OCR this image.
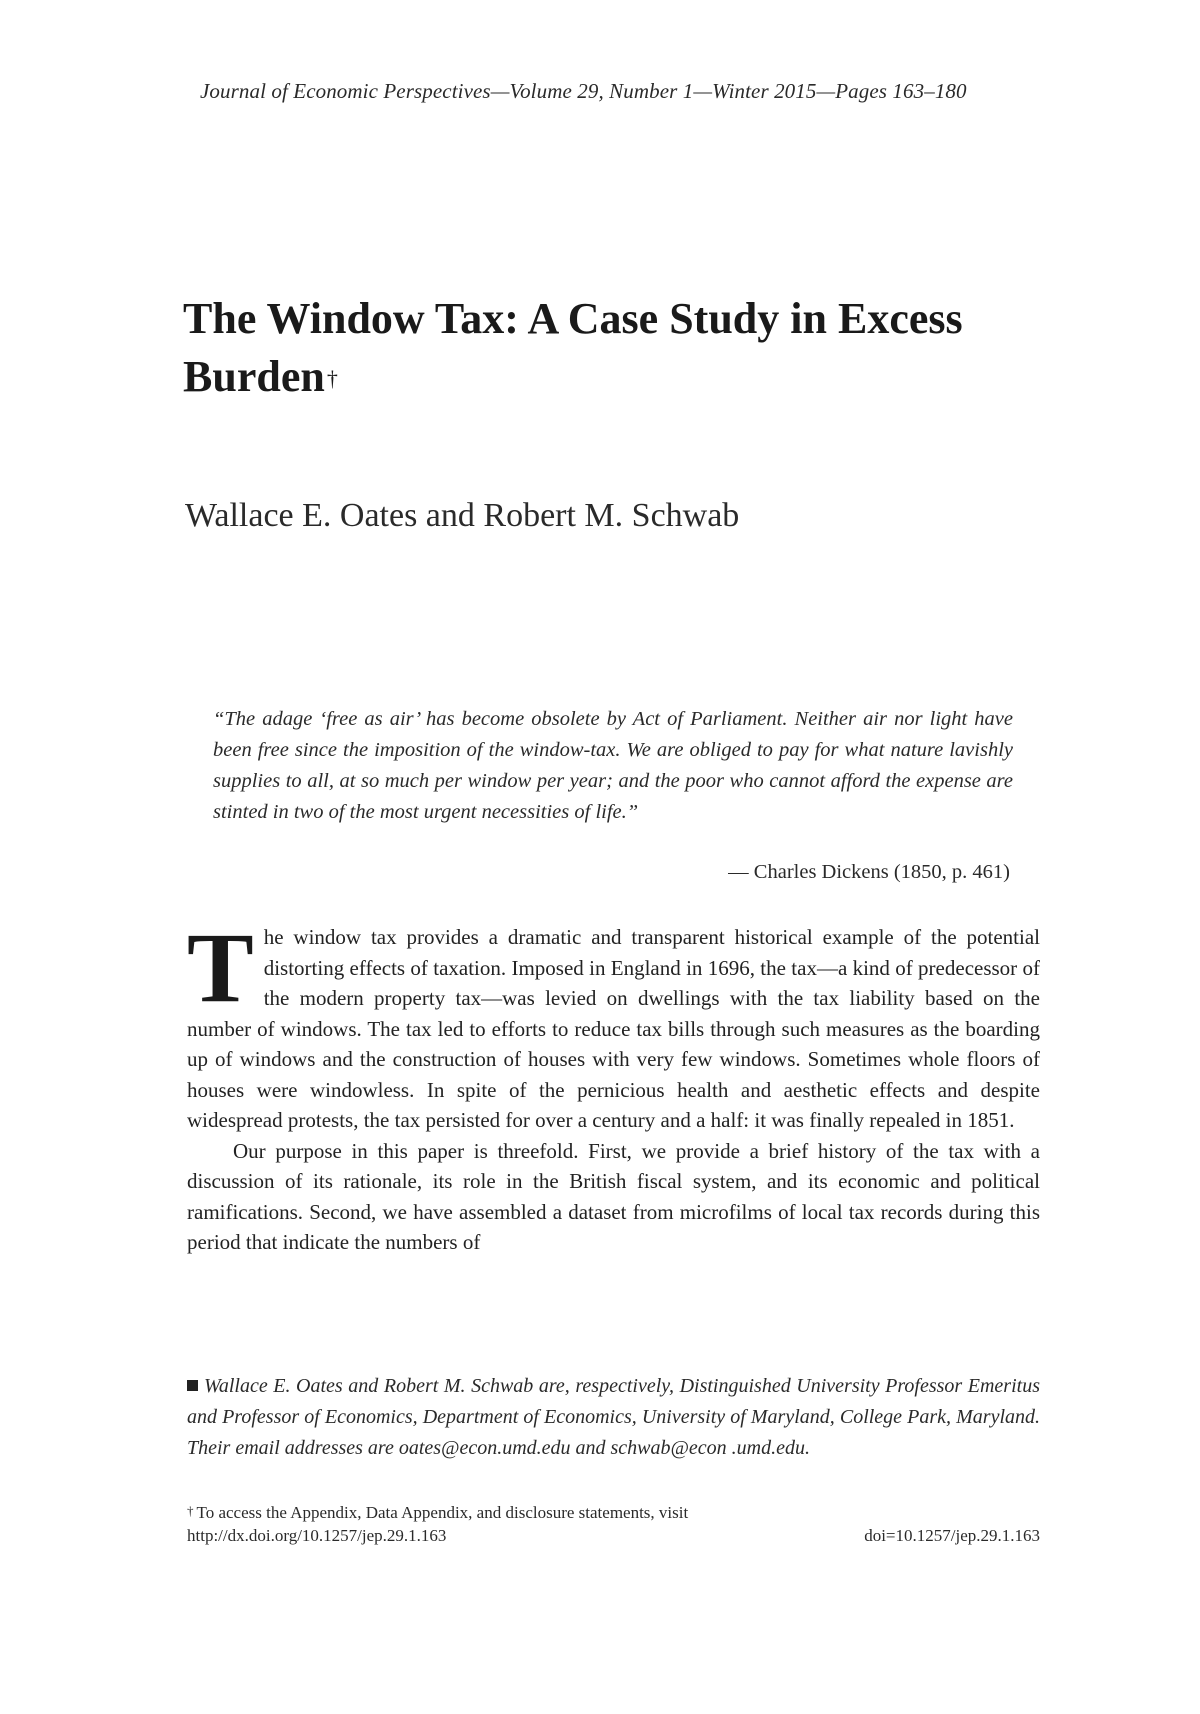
Journal of Economic Perspectives—Volume 29, Number 1—Winter 2015—Pages 163–180
The Window Tax: A Case Study in Excess Burden†
Wallace E. Oates and Robert M. Schwab
“The adage ‘free as air’ has become obsolete by Act of Parliament. Neither air nor light have been free since the imposition of the window-tax. We are obliged to pay for what nature lavishly supplies to all, at so much per window per year; and the poor who cannot afford the expense are stinted in two of the most urgent necessities of life.”
— Charles Dickens (1850, p. 461)

The window tax provides a dramatic and transparent historical example of the potential distorting effects of taxation. Imposed in England in 1696, the tax—a kind of predecessor of the modern property tax—was levied on dwellings with the tax liability based on the number of windows. The tax led to efforts to reduce tax bills through such measures as the boarding up of windows and the construction of houses with very few windows. Sometimes whole floors of houses were windowless. In spite of the pernicious health and aesthetic effects and despite widespread protests, the tax persisted for over a century and a half: it was finally repealed in 1851.

Our purpose in this paper is threefold. First, we provide a brief history of the tax with a discussion of its rationale, its role in the British fiscal system, and its economic and political ramifications. Second, we have assembled a dataset from microfilms of local tax records during this period that indicate the numbers of

Wallace E. Oates and Robert M. Schwab are, respectively, Distinguished University Professor Emeritus and Professor of Economics, Department of Economics, University of Maryland, College Park, Maryland. Their email addresses are oates@econ.umd.edu and schwab@econ .umd.edu.
† To access the Appendix, Data Appendix, and disclosure statements, visit
http://dx.doi.org/10.1257/jep.29.1.163	doi=10.1257/jep.29.1.163
